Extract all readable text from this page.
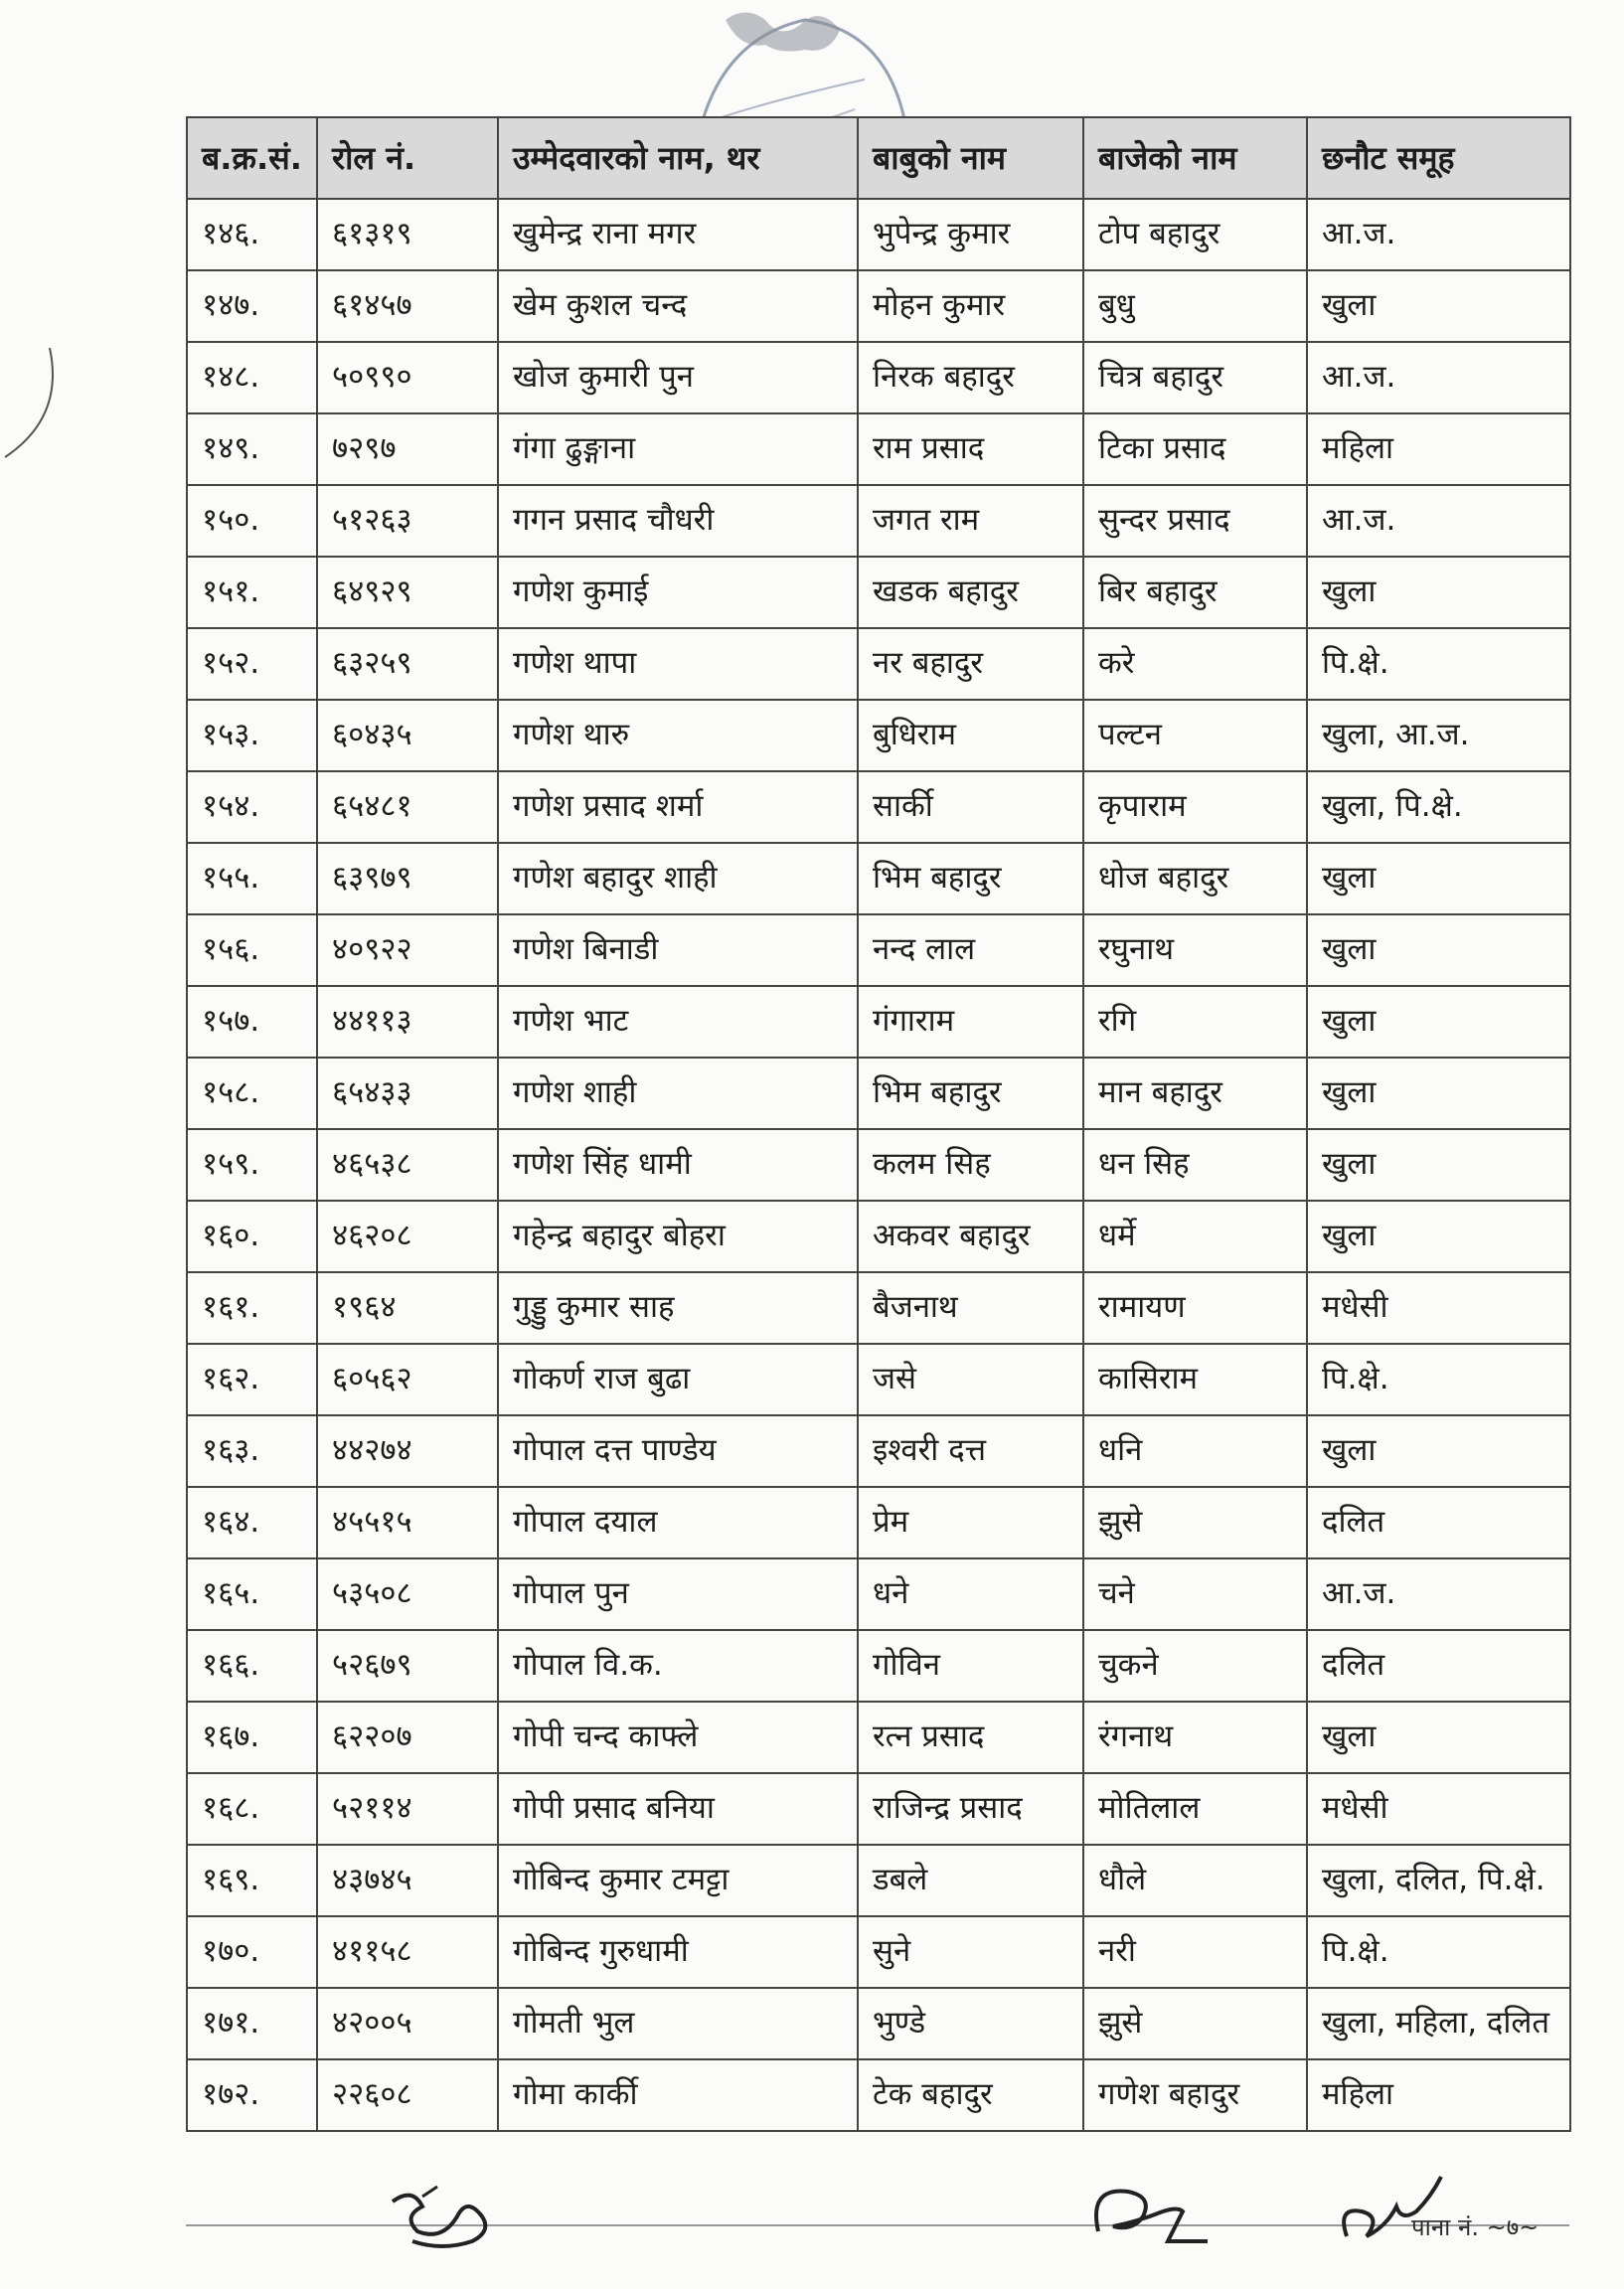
ब.क्र.सं.	रोल नं.	उम्मेदवारको नाम, थर	बाबुको नाम	बाजेको नाम	छनौट समूह
१४६.	६१३१९	खुमेन्द्र राना मगर	भुपेन्द्र कुमार	टोप बहादुर	आ.ज.
१४७.	६१४५७	खेम कुशल चन्द	मोहन कुमार	बुधु	खुला
१४८.	५०९९०	खोज कुमारी पुन	निरक बहादुर	चित्र बहादुर	आ.ज.
१४९.	७२९७	गंगा ढुङ्गाना	राम प्रसाद	टिका प्रसाद	महिला
१५०.	५१२६३	गगन प्रसाद चौधरी	जगत राम	सुन्दर प्रसाद	आ.ज.
१५१.	६४९२९	गणेश कुमाई	खडक बहादुर	बिर बहादुर	खुला
१५२.	६३२५९	गणेश थापा	नर बहादुर	करे	पि.क्षे.
१५३.	६०४३५	गणेश थारु	बुधिराम	पल्टन	खुला, आ.ज.
१५४.	६५४८१	गणेश प्रसाद शर्मा	सार्की	कृपाराम	खुला, पि.क्षे.
१५५.	६३९७९	गणेश बहादुर शाही	भिम बहादुर	धोज बहादुर	खुला
१५६.	४०९२२	गणेश बिनाडी	नन्द लाल	रघुनाथ	खुला
१५७.	४४११३	गणेश भाट	गंगाराम	रगि	खुला
१५८.	६५४३३	गणेश शाही	भिम बहादुर	मान बहादुर	खुला
१५९.	४६५३८	गणेश सिंह धामी	कलम सिह	धन सिह	खुला
१६०.	४६२०८	गहेन्द्र बहादुर बोहरा	अकवर बहादुर	धर्मे	खुला
१६१.	१९६४	गुड्डु कुमार साह	बैजनाथ	रामायण	मधेसी
१६२.	६०५६२	गोकर्ण राज बुढा	जसे	कासिराम	पि.क्षे.
१६३.	४४२७४	गोपाल दत्त पाण्डेय	इश्वरी दत्त	धनि	खुला
१६४.	४५५१५	गोपाल दयाल	प्रेम	झुसे	दलित
१६५.	५३५०८	गोपाल पुन	धने	चने	आ.ज.
१६६.	५२६७९	गोपाल वि.क.	गोविन	चुकने	दलित
१६७.	६२२०७	गोपी चन्द काफ्ले	रत्न प्रसाद	रंगनाथ	खुला
१६८.	५२११४	गोपी प्रसाद बनिया	राजिन्द्र प्रसाद	मोतिलाल	मधेसी
१६९.	४३७४५	गोबिन्द कुमार टमट्टा	डबले	धौले	खुला, दलित, पि.क्षे.
१७०.	४११५८	गोबिन्द गुरुधामी	सुने	नरी	पि.क्षे.
१७१.	४२००५	गोमती भुल	भुण्डे	झुसे	खुला, महिला, दलित
१७२.	२२६०८	गोमा कार्की	टेक बहादुर	गणेश बहादुर	महिला
पाना नं. ~७~
